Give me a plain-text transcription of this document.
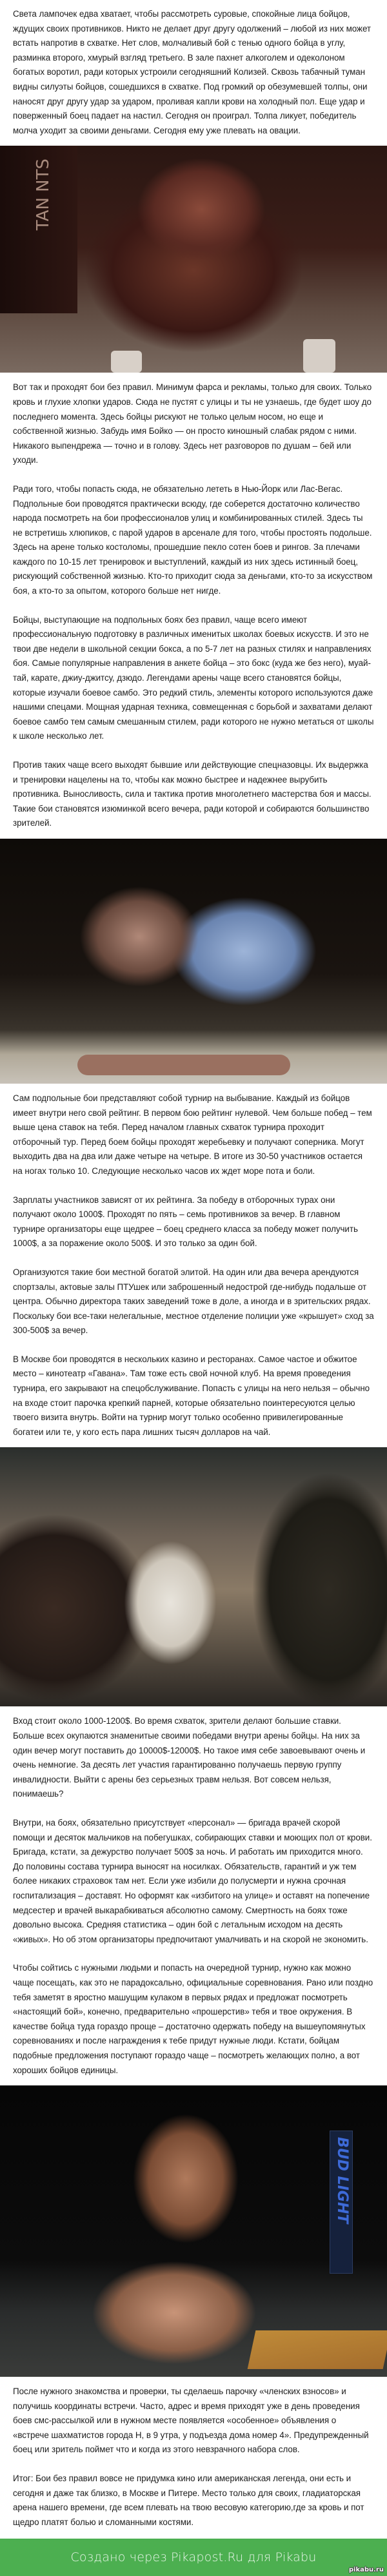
Света лампочек едва хватает, чтобы рассмотреть суровые, спокойные лица бойцов, ждущих своих противников. Никто не делает друг другу одолжений – любой из них может встать напротив в схватке. Нет слов, молчаливый бой с тенью одного бойца в углу, разминка второго, хмурый взгляд третьего. В зале пахнет алкоголем и одеколоном богатых воротил, ради которых устроили сегодняшний Колизей. Сквозь табачный туман видны силуэты бойцов, сошедшихся в схватке. Под громкий ор обезумевшей толпы, они наносят друг другу удар за ударом, проливая капли крови на холодный пол. Еще удар и поверженный боец падает на настил. Сегодня он проиграл. Толпа ликует, победитель молча уходит за своими деньгами. Сегодня ему уже плевать на овации.

TAN NTS

Вот так и проходят бои без правил. Минимум фарса и рекламы, только для своих. Только кровь и глухие хлопки ударов. Сюда не пустят с улицы и ты не узнаешь, где будет шоу до последнего момента. Здесь бойцы рискуют не только целым носом, но еще и собственной жизнью. Забудь имя Бойко — он просто киношный слабак рядом с ними. Никакого выпендрежа — точно и в голову. Здесь нет разговоров по душам – бей или уходи.

Ради того, чтобы попасть сюда, не обязательно лететь в Нью-Йорк или Лас-Вегас. Подпольные бои проводятся практически всюду, где соберется достаточно количество народа посмотреть на бои профессионалов улиц и комбинированных стилей. Здесь ты не встретишь хлюпиков, с парой ударов в арсенале для того, чтобы простоять подольше. Здесь на арене только костоломы, прошедшие пекло сотен боев и рингов. За плечами каждого по 10-15 лет тренировок и выступлений, каждый из них здесь истинный боец, рискующий собственной жизнью. Кто-то приходит сюда за деньгами, кто-то за искусством боя, а кто-то за опытом, которого больше нет нигде.

Бойцы, выступающие на подпольных боях без правил, чаще всего имеют профессиональную подготовку в различных именитых школах боевых искусств. И это не твои две недели в школьной секции бокса, а по 5-7 лет на разных стилях и направлениях боя. Самые популярные направления в анкете бойца – это бокс (куда же без него), муай-тай, карате, джиу-джитсу, дзюдо. Легендами арены чаще всего становятся бойцы, которые изучали боевое самбо. Это редкий стиль, элементы которого используются даже нашими спецами. Мощная ударная техника, совмещенная с борьбой и захватами делают боевое самбо тем самым смешанным стилем, ради которого не нужно метаться от школы к школе несколько лет.

Против таких чаще всего выходят бывшие или действующие спецназовцы. Их выдержка и тренировки нацелены на то, чтобы как можно быстрее и надежнее вырубить противника. Выносливость, сила и тактика против многолетнего мастерства боя и массы. Такие бои становятся изюминкой всего вечера, ради которой и собираются большинство зрителей.

Сам подпольные бои представляют собой турнир на выбывание. Каждый из бойцов имеет внутри него свой рейтинг. В первом бою рейтинг нулевой. Чем больше побед – тем выше цена ставок на тебя. Перед началом главных схваток турнира проходит отборочный тур. Перед боем бойцы проходят жеребьевку и получают соперника. Могут выходить два на два или даже четыре на четыре. В итоге из 30-50 участников остается на ногах только 10. Следующие несколько часов их ждет море пота и боли.

Зарплаты участников зависят от их рейтинга. За победу в отборочных турах они получают около 1000$. Проходят по пять – семь противников за вечер. В главном турнире организаторы еще щедрее – боец среднего класса за победу может получить 1000$, а за поражение около 500$. И это только за один бой.

Организуются такие бои местной богатой элитой. На один или два вечера арендуются спортзалы, актовые залы ПТУшек или заброшенный недострой где-нибудь подальше от центра. Обычно директора таких заведений тоже в доле, а иногда и в зрительских рядах. Поскольку бои все-таки нелегальные, местное отделение полиции уже «крышует» сход за 300-500$ за вечер.

В Москве бои проводятся в нескольких казино и ресторанах. Самое частое и обжитое место – кинотеатр «Гавана». Там тоже есть свой ночной клуб. На время проведения турнира, его закрывают на спецобслуживание. Попасть с улицы на него нельзя – обычно на входе стоит парочка крепкий парней, которые обязательно поинтересуются целью твоего визита внутрь. Войти на турнир могут только особенно привилегированные богатеи или те, у кого есть пара лишних тысяч долларов на чай.

Вход стоит около 1000-1200$. Во время схваток, зрители делают большие ставки. Больше всех окупаются знаменитые своими победами внутри арены бойцы. На них за один вечер могут поставить до 10000$-12000$. Но такое имя себе завоевывают очень и очень немногие. За десять лет участия гарантированно получаешь первую группу инвалидности. Выйти с арены без серьезных травм нельзя. Вот совсем нельзя, понимаешь?

Внутри, на боях, обязательно присутствует «персонал» — бригада врачей скорой помощи и десяток мальчиков на побегушках, собирающих ставки и моющих пол от крови. Бригада, кстати, за дежурство получает 500$ за ночь. И работать им приходится много. До половины состава турнира выносят на носилках. Обязательств, гарантий и уж тем более никаких страховок там нет. Если уже избили до полусмерти и нужна срочная госпитализация – доставят. Но оформят как «избитого на улице» и оставят на попечение медсестер и врачей выкарабкиваться абсолютно самому. Смертность на боях тоже довольно высока. Средняя статистика – один бой с летальным исходом на десять «живых». Но об этом организаторы предпочитают умалчивать и на скорой не экономить.

Чтобы сойтись с нужными людьми и попасть на очередной турнир, нужно как можно чаще посещать, как это не парадоксально, официальные соревнования. Рано или поздно тебя заметят в яростно машущим кулаком в первых рядах и предложат посмотреть «настоящий бой», конечно, предварительно «прошерстив» тебя и твое окружения. В качестве бойца туда гораздо проще – достаточно одержать победу на вышеупомянутых соревнованиях и после награждения к тебе придут нужные люди. Кстати, бойцам подобные предложения поступают гораздо чаще – посмотреть желающих полно, а вот хороших бойцов единицы.

BUD LIGHT

После нужного знакомства и проверки, ты сделаешь парочку «членских взносов» и получишь координаты встречи. Часто, адрес и время приходят уже в день проведения боев смс-рассылкой или в нужном месте появляется «особенное» объявления о «встрече шахматистов города Н, в 9 утра, у подъезда дома номер 4». Предупрежденный боец или зритель поймет что и когда из этого невзрачного набора слов.

Итог: Бои без правил вовсе не придумка кино или американская легенда, они есть и сегодня и даже так близко, в Москве и Питере. Место только для своих, гладиаторская арена нашего времени, где всем плевать на твою весовую категорию,где за кровь и пот щедро платят болью и сломанными костями.

Создано через Pikapost.Ru для Pikabu
pikabu.ru
